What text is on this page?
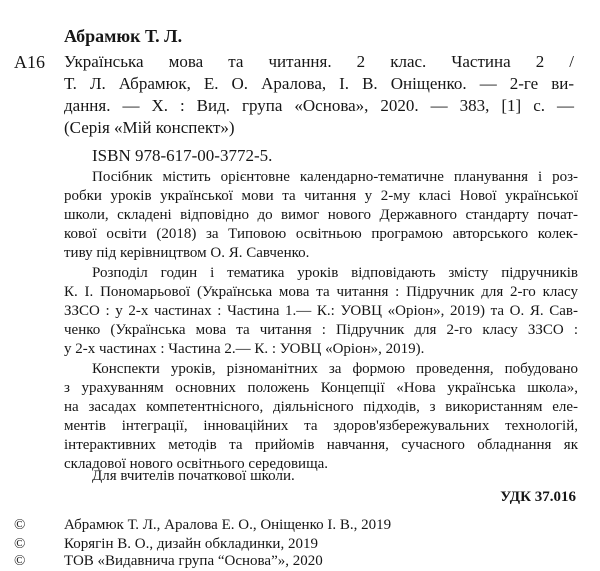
Абрамюк Т. Л.
А16 Українська мова та читання. 2 клас. Частина 2 /
Т. Л. Абрамюк, Е. О. Аралова, І. В. Оніщенко. — 2-ге ви-
дання. — Х. : Вид. група «Основа», 2020. — 383, [1] с. —
(Серія «Мій конспект»)
ISBN 978-617-00-3772-5.
Посібник містить орієнтовне календарно-тематичне планування і роз-
робки уроків української мови та читання у 2-му класі Нової української
школи, складені відповідно до вимог нового Державного стандарту почат-
кової освіти (2018) за Типовою освітньою програмою авторського колек-
тиву під керівництвом О. Я. Савченко.
Розподіл годин і тематика уроків відповідають змісту підручників
К. І. Пономарьової (Українська мова та читання : Підручник для 2-го класу
ЗЗСО : у 2-х частинах : Частина 1.— К.: УОВЦ «Оріон», 2019) та О. Я. Сав-
ченко (Українська мова та читання : Підручник для 2-го класу ЗЗСО :
у 2-х частинах : Частина 2.— К. : УОВЦ «Оріон», 2019).
Конспекти уроків, різноманітних за формою проведення, побудовано
з урахуванням основних положень Концепції «Нова українська школа»,
на засадах компетентнісного, діяльнісного підходів, з використанням еле-
ментів інтеграції, інноваційних та здоров'язбережувальних технологій,
інтерактивних методів та прийомів навчання, сучасного обладнання як
складової нового освітнього середовища.
Для вчителів початкової школи.
УДК 37.016
©	Абрамюк Т. Л., Аралова Е. О., Оніщенко І. В., 2019
©	Корягін В. О., дизайн обкладинки, 2019
©	ТОВ «Видавнича група “Основа”», 2020
